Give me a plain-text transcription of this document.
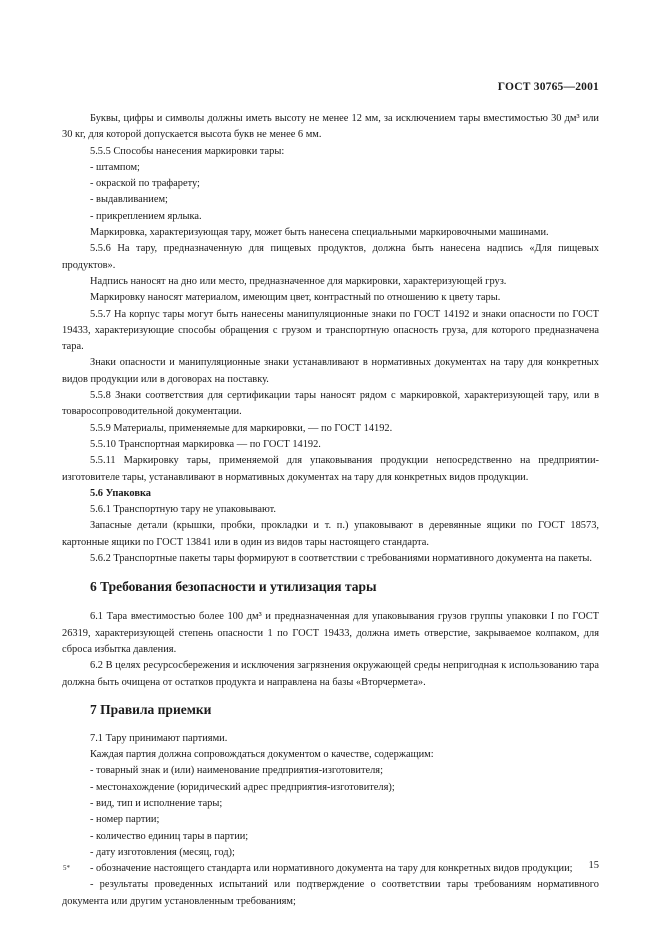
ГОСТ 30765—2001

Буквы, цифры и символы должны иметь высоту не менее 12 мм, за исключением тары вместимостью 30 дм³ или 30 кг, для которой допускается высота букв не менее 6 мм.

5.5.5 Способы нанесения маркировки тары:

- штампом;

- окраской по трафарету;

- выдавливанием;

- прикреплением ярлыка.

Маркировка, характеризующая тару, может быть нанесена специальными маркировочными машинами.

5.5.6 На тару, предназначенную для пищевых продуктов, должна быть нанесена надпись «Для пищевых продуктов».

Надпись наносят на дно или место, предназначенное для маркировки, характеризующей груз.

Маркировку наносят материалом, имеющим цвет, контрастный по отношению к цвету тары.

5.5.7 На корпус тары могут быть нанесены манипуляционные знаки по ГОСТ 14192 и знаки опасности по ГОСТ 19433, характеризующие способы обращения с грузом и транспортную опасность груза, для которого предназначена тара.

Знаки опасности и манипуляционные знаки устанавливают в нормативных документах на тару для конкретных видов продукции или в договорах на поставку.

5.5.8 Знаки соответствия для сертификации тары наносят рядом с маркировкой, характеризующей тару, или в товаросопроводительной документации.

5.5.9 Материалы, применяемые для маркировки, — по ГОСТ 14192.

5.5.10 Транспортная маркировка — по ГОСТ 14192.

5.5.11 Маркировку тары, применяемой для упаковывания продукции непосредственно на предприятии-изготовителе тары, устанавливают в нормативных документах на тару для конкретных видов продукции.

5.6 Упаковка

5.6.1 Транспортную тару не упаковывают.

Запасные детали (крышки, пробки, прокладки и т. п.) упаковывают в деревянные ящики по ГОСТ 18573, картонные ящики по ГОСТ 13841 или в один из видов тары настоящего стандарта.

5.6.2 Транспортные пакеты тары формируют в соответствии с требованиями нормативного документа на пакеты.

6 Требования безопасности и утилизация тары

6.1 Тара вместимостью более 100 дм³ и предназначенная для упаковывания грузов группы упаковки I по ГОСТ 26319, характеризующей степень опасности 1 по ГОСТ 19433, должна иметь отверстие, закрываемое колпаком, для сброса избытка давления.

6.2 В целях ресурсосбережения и исключения загрязнения окружающей среды непригодная к использованию тара должна быть очищена от остатков продукта и направлена на базы «Вторчермета».

7 Правила приемки

7.1 Тару принимают партиями.

Каждая партия должна сопровождаться документом о качестве, содержащим:

- товарный знак и (или) наименование предприятия-изготовителя;

- местонахождение (юридический адрес предприятия-изготовителя);

- вид, тип и исполнение тары;

- номер партии;

- количество единиц тары в партии;

- дату изготовления (месяц, год);

- обозначение настоящего стандарта или нормативного документа на тару для конкретных видов продукции;

- результаты проведенных испытаний или подтверждение о соответствии тары требованиям нормативного документа или другим установленным требованиям;

5*	15
